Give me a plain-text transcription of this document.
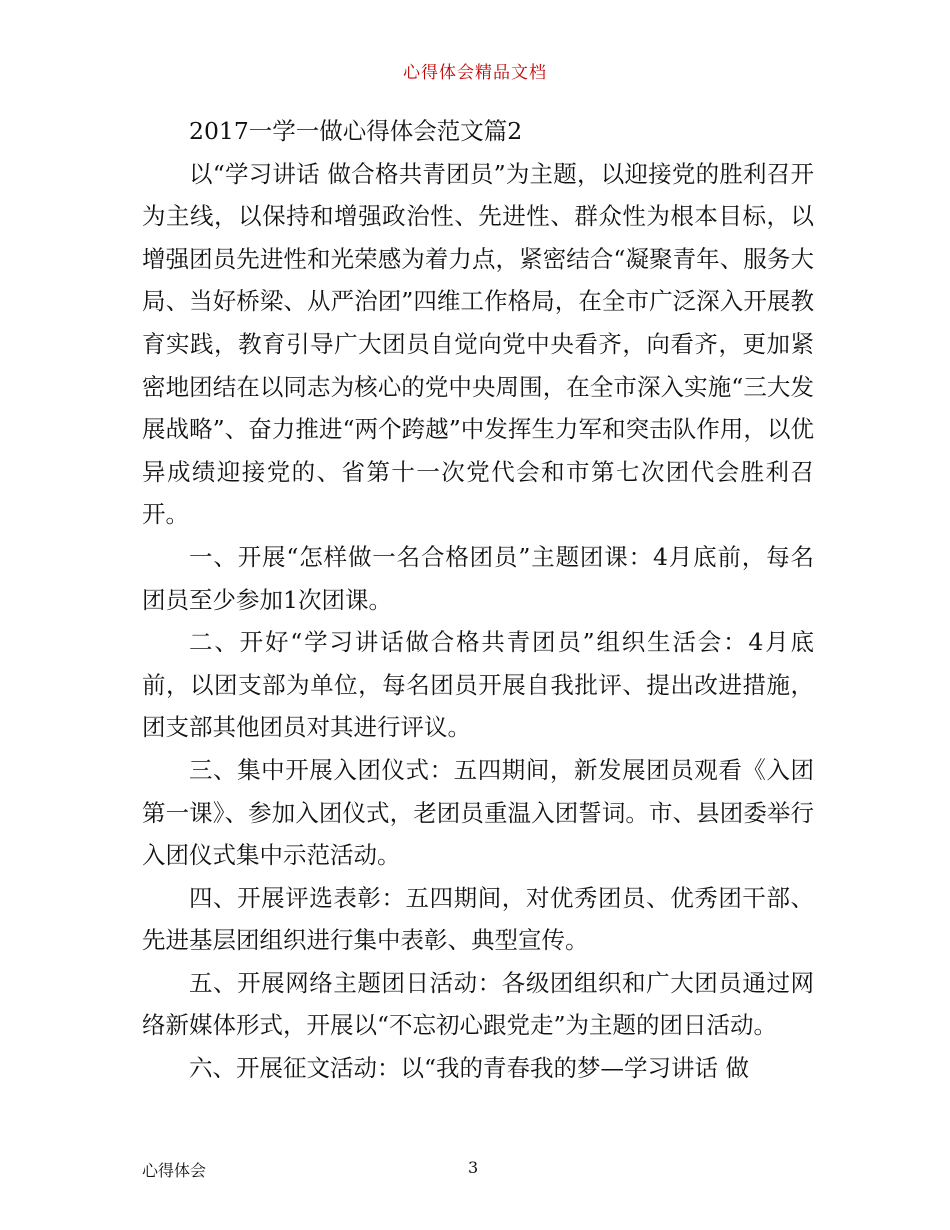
心得体会精品文档

2017一学一做心得体会范文篇2

以“学习讲话 做合格共青团员”为主题，以迎接党的胜利召开为主线，以保持和增强政治性、先进性、群众性为根本目标，以增强团员先进性和光荣感为着力点，紧密结合“凝聚青年、服务大局、当好桥梁、从严治团”四维工作格局，在全市广泛深入开展教育实践，教育引导广大团员自觉向党中央看齐，向看齐，更加紧密地团结在以同志为核心的党中央周围，在全市深入实施“三大发展战略”、奋力推进“两个跨越”中发挥生力军和突击队作用，以优异成绩迎接党的、省第十一次党代会和市第七次团代会胜利召开。

一、开展“怎样做一名合格团员”主题团课：4月底前，每名团员至少参加1次团课。

二、开好“学习讲话做合格共青团员”组织生活会：4月底前，以团支部为单位，每名团员开展自我批评、提出改进措施，团支部其他团员对其进行评议。

三、集中开展入团仪式：五四期间，新发展团员观看《入团第一课》、参加入团仪式，老团员重温入团誓词。市、县团委举行入团仪式集中示范活动。

四、开展评选表彰：五四期间，对优秀团员、优秀团干部、先进基层团组织进行集中表彰、典型宣传。

五、开展网络主题团日活动：各级团组织和广大团员通过网络新媒体形式，开展以“不忘初心跟党走”为主题的团日活动。

六、开展征文活动：以“我的青春我的梦—学习讲话 做

心得体会	3
